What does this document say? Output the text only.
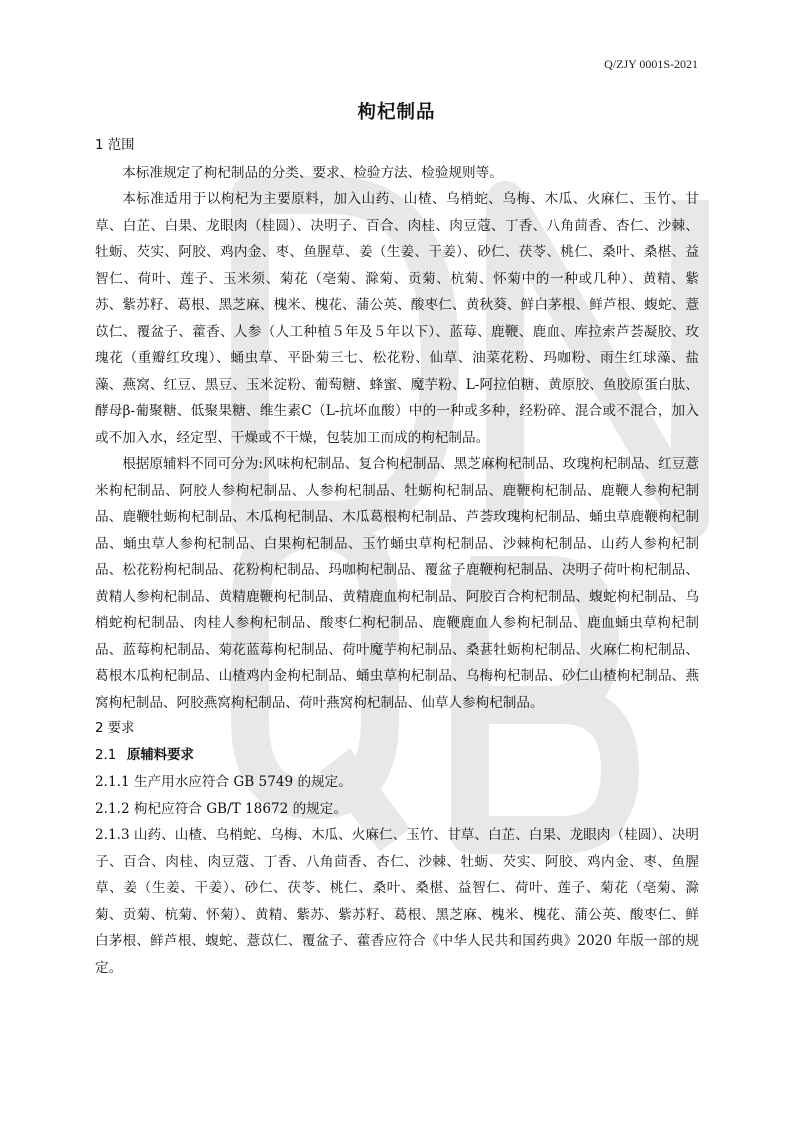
Q/ZJY 0001S-2021
枸杞制品

1 范围

本标准规定了枸杞制品的分类、要求、检验方法、检验规则等。

本标准适用于以枸杞为主要原料，加入山药、山楂、乌梢蛇、乌梅、木瓜、火麻仁、玉竹、甘草、白芷、白果、龙眼肉（桂圆）、决明子、百合、肉桂、肉豆蔻、丁香、八角茴香、杏仁、沙棘、牡蛎、芡实、阿胶、鸡内金、枣、鱼腥草、姜（生姜、干姜）、砂仁、茯苓、桃仁、桑叶、桑椹、益智仁、荷叶、莲子、玉米须、菊花（亳菊、滁菊、贡菊、杭菊、怀菊中的一种或几种）、黄精、紫苏、紫苏籽、葛根、黑芝麻、槐米、槐花、蒲公英、酸枣仁、黄秋葵、鲜白茅根、鲜芦根、蝮蛇、薏苡仁、覆盆子、藿香、人参（人工种植５年及５年以下）、蓝莓、鹿鞭、鹿血、库拉索芦荟凝胶、玫瑰花（重瓣红玫瑰）、蛹虫草、平卧菊三七、松花粉、仙草、油菜花粉、玛咖粉、雨生红球藻、盐藻、燕窝、红豆、黑豆、玉米淀粉、葡萄糖、蜂蜜、魔芋粉、L-阿拉伯糖、黄原胶、鱼胶原蛋白肽、酵母β-葡聚糖、低聚果糖、维生素C（L-抗坏血酸）中的一种或多种，经粉碎、混合或不混合，加入或不加入水，经定型、干燥或不干燥，包装加工而成的枸杞制品。

根据原辅料不同可分为:风味枸杞制品、复合枸杞制品、黑芝麻枸杞制品、玫瑰枸杞制品、红豆薏米枸杞制品、阿胶人参枸杞制品、人参枸杞制品、牡蛎枸杞制品、鹿鞭枸杞制品、鹿鞭人参枸杞制品、鹿鞭牡蛎枸杞制品、木瓜枸杞制品、木瓜葛根枸杞制品、芦荟玫瑰枸杞制品、蛹虫草鹿鞭枸杞制品、蛹虫草人参枸杞制品、白果枸杞制品、玉竹蛹虫草枸杞制品、沙棘枸杞制品、山药人参枸杞制品、松花粉枸杞制品、花粉枸杞制品、玛咖枸杞制品、覆盆子鹿鞭枸杞制品、决明子荷叶枸杞制品、黄精人参枸杞制品、黄精鹿鞭枸杞制品、黄精鹿血枸杞制品、阿胶百合枸杞制品、蝮蛇枸杞制品、乌梢蛇枸杞制品、肉桂人参枸杞制品、酸枣仁枸杞制品、鹿鞭鹿血人参枸杞制品、鹿血蛹虫草枸杞制品、蓝莓枸杞制品、菊花蓝莓枸杞制品、荷叶魔芋枸杞制品、桑葚牡蛎枸杞制品、火麻仁枸杞制品、葛根木瓜枸杞制品、山楂鸡内金枸杞制品、蛹虫草枸杞制品、乌梅枸杞制品、砂仁山楂枸杞制品、燕窝枸杞制品、阿胶燕窝枸杞制品、荷叶燕窝枸杞制品、仙草人参枸杞制品。

2 要求

2.1 原辅料要求

2.1.1 生产用水应符合 GB 5749 的规定。

2.1.2 枸杞应符合 GB/T 18672 的规定。

2.1.3 山药、山楂、乌梢蛇、乌梅、木瓜、火麻仁、玉竹、甘草、白芷、白果、龙眼肉（桂圆）、决明子、百合、肉桂、肉豆蔻、丁香、八角茴香、杏仁、沙棘、牡蛎、芡实、阿胶、鸡内金、枣、鱼腥草、姜（生姜、干姜）、砂仁、茯苓、桃仁、桑叶、桑椹、益智仁、荷叶、莲子、菊花（亳菊、滁菊、贡菊、杭菊、怀菊）、黄精、紫苏、紫苏籽、葛根、黑芝麻、槐米、槐花、蒲公英、酸枣仁、鲜白茅根、鲜芦根、蝮蛇、薏苡仁、覆盆子、藿香应符合《中华人民共和国药典》2020 年版一部的规定。
